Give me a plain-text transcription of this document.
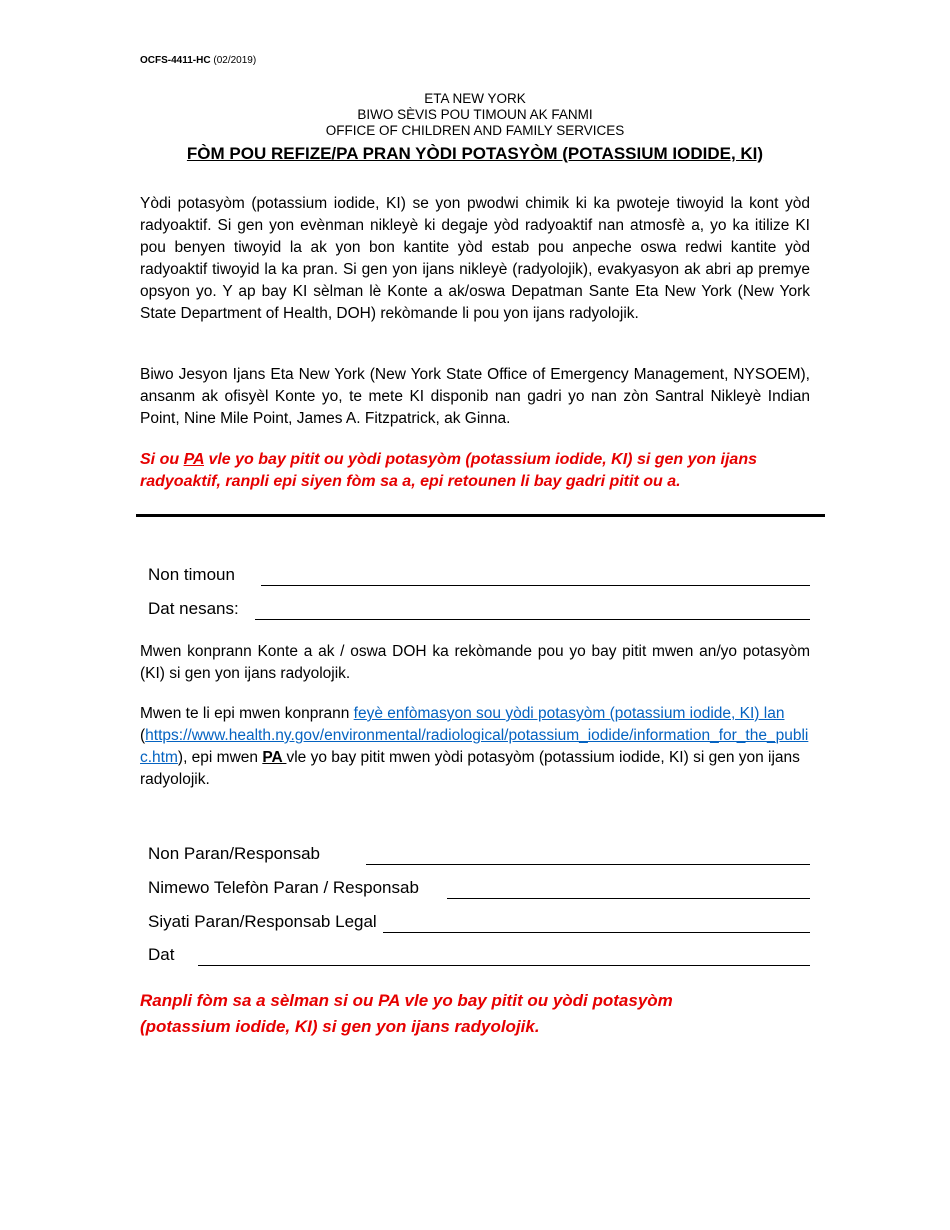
OCFS-4411-HC (02/2019)
ETA NEW YORK
BIWO SÈVIS POU TIMOUN AK FANMI
OFFICE OF CHILDREN AND FAMILY SERVICES
FÒM POU REFIZE/PA PRAN YÒDI POTASYÒM (POTASSIUM IODIDE, KI)
Yòdi potasyòm (potassium iodide, KI) se yon pwodwi chimik ki ka pwoteje tiwoyid la kont yòd radyoaktif. Si gen yon evènman nikleyè ki degaje yòd radyoaktif nan atmosfè a, yo ka itilize KI pou benyen tiwoyid la ak yon bon kantite yòd estab pou anpeche oswa redwi kantite yòd radyoaktif tiwoyid la ka pran. Si gen yon ijans nikleyè (radyolojik), evakyasyon ak abri ap premye opsyon yo. Y ap bay KI sèlman lè Konte a ak/oswa Depatman Sante Eta New York (New York State Department of Health, DOH) rekòmande li pou yon ijans radyolojik.
Biwo Jesyon Ijans Eta New York (New York State Office of Emergency Management, NYSOEM), ansanm ak ofisyèl Konte yo, te mete KI disponib nan gadri yo nan zòn Santral Nikleyè Indian Point, Nine Mile Point, James A. Fitzpatrick, ak Ginna.
Si ou PA vle yo bay pitit ou yòdi potasyòm (potassium iodide, KI) si gen yon ijans radyoaktif, ranpli epi siyen fòm sa a, epi retounen li bay gadri pitit ou a.
Non timoun
Dat nesans:
Mwen konprann Konte a ak / oswa DOH ka rekòmande pou yo bay pitit mwen an/yo potasyòm (KI) si gen yon ijans radyolojik.
Mwen te li epi mwen konprann feyè enfòmasyon sou yòdi potasyòm (potassium iodide, KI) lan
(https://www.health.ny.gov/environmental/radiological/potassium_iodide/information_for_the_public.htm), epi mwen PA vle yo bay pitit mwen yòdi potasyòm (potassium iodide, KI) si gen yon ijans radyolojik.
Non Paran/Responsab
Nimewo Telefòn Paran / Responsab
Siyati Paran/Responsab Legal
Dat
Ranpli fòm sa a sèlman si ou PA vle yo bay pitit ou yòdi potasyòm (potassium iodide, KI) si gen yon ijans radyolojik.
